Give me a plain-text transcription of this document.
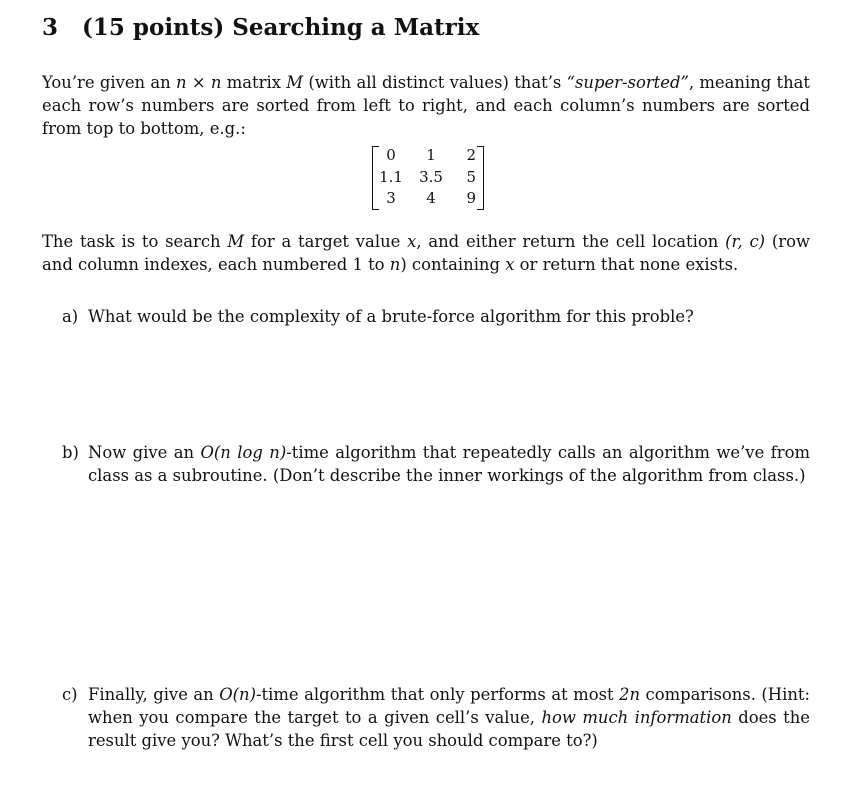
3 (15 points) Searching a Matrix
You’re given an n × n matrix M (with all distinct values) that’s “super-sorted”, meaning that each row’s numbers are sorted from left to right, and each column’s numbers are sorted from top to bottom, e.g.:
0	1	2
1.1	3.5	5
3	4	9
The task is to search M for a target value x, and either return the cell location (r, c) (row and column indexes, each numbered 1 to n) containing x or return that none exists.
a) What would be the complexity of a brute-force algorithm for this proble?
b) Now give an O(n log n)-time algorithm that repeatedly calls an algorithm we’ve from class as a subroutine. (Don’t describe the inner workings of the algorithm from class.)
c) Finally, give an O(n)-time algorithm that only performs at most 2n comparisons. (Hint: when you compare the target to a given cell’s value, how much information does the result give you? What’s the first cell you should compare to?)
